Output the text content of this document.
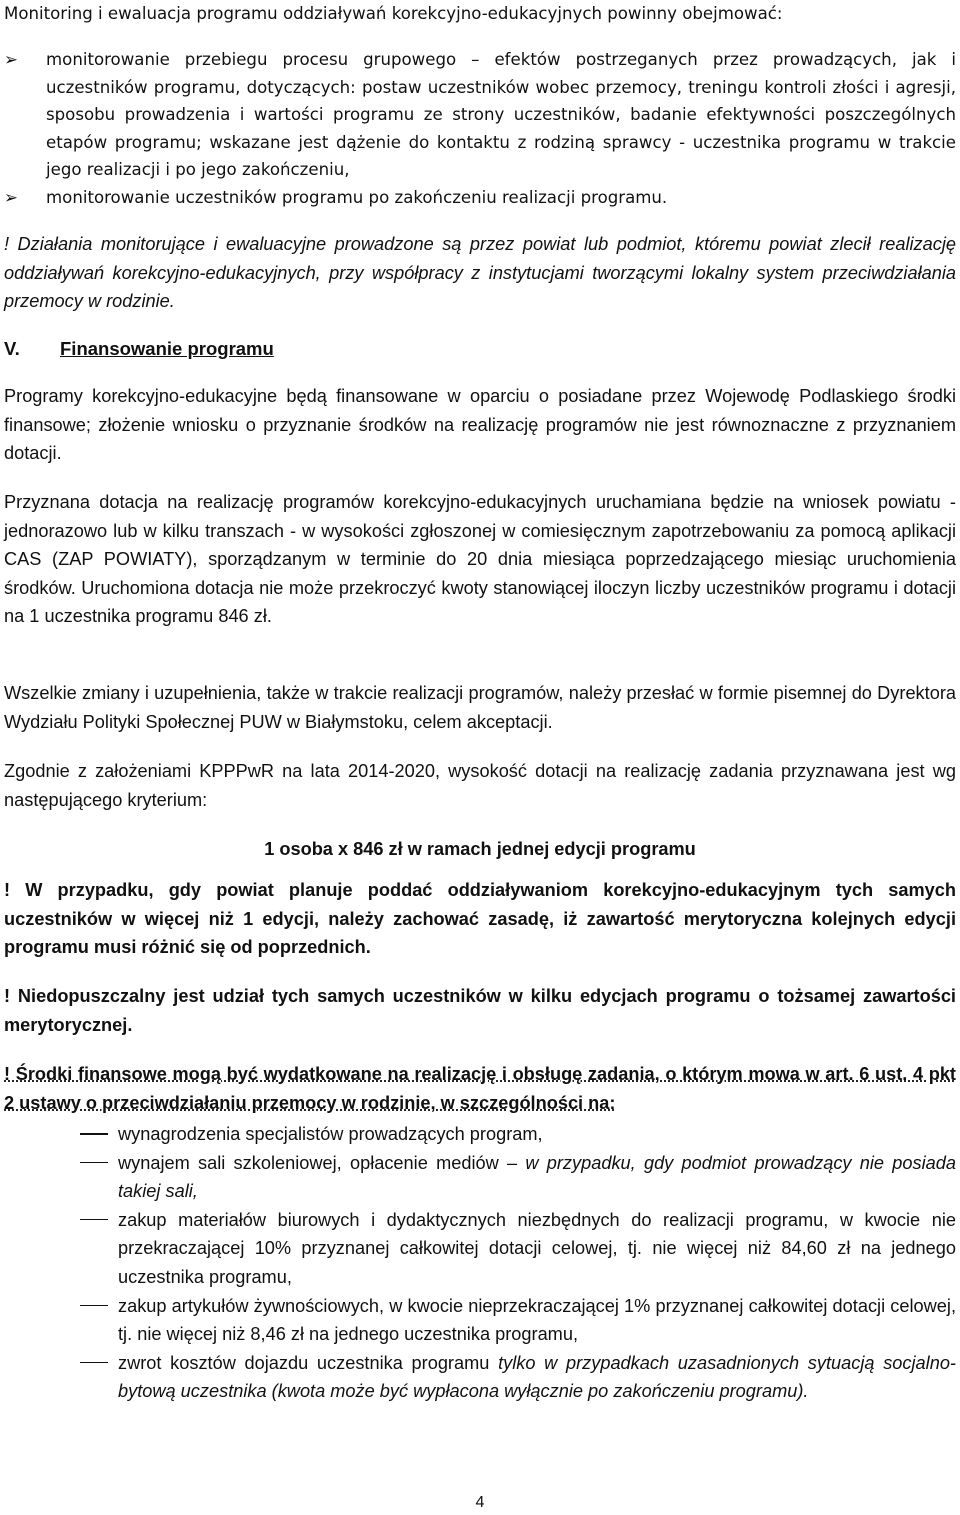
Monitoring i ewaluacja programu oddziaływań korekcyjno-edukacyjnych powinny obejmować:

➢ monitorowanie przebiegu procesu grupowego – efektów postrzeganych przez prowadzących, jak i uczestników programu, dotyczących: postaw uczestników wobec przemocy, treningu kontroli złości i agresji, sposobu prowadzenia i wartości programu ze strony uczestników, badanie efektywności poszczególnych etapów programu; wskazane jest dążenie do kontaktu z rodziną sprawcy - uczestnika programu w trakcie jego realizacji i po jego zakończeniu,
➢ monitorowanie uczestników programu po zakończeniu realizacji programu.

! Działania monitorujące i ewaluacyjne prowadzone są przez powiat lub podmiot, któremu powiat zlecił realizację oddziaływań korekcyjno-edukacyjnych, przy współpracy z instytucjami tworzącymi lokalny system przeciwdziałania przemocy w rodzinie.

V. Finansowanie programu

Programy korekcyjno-edukacyjne będą finansowane w oparciu o posiadane przez Wojewodę Podlaskiego środki finansowe; złożenie wniosku o przyznanie środków na realizację programów nie jest równoznaczne z przyznaniem dotacji.

Przyznana dotacja na realizację programów korekcyjno-edukacyjnych uruchamiana będzie na wniosek powiatu - jednorazowo lub w kilku transzach - w wysokości zgłoszonej w comiesięcznym zapotrzebowaniu za pomocą aplikacji CAS (ZAP POWIATY), sporządzanym w terminie do 20 dnia miesiąca poprzedzającego miesiąc uruchomienia środków. Uruchomiona dotacja nie może przekroczyć kwoty stanowiącej iloczyn liczby uczestników programu i dotacji na 1 uczestnika programu 846 zł.

Wszelkie zmiany i uzupełnienia, także w trakcie realizacji programów, należy przesłać w formie pisemnej do Dyrektora Wydziału Polityki Społecznej PUW w Białymstoku, celem akceptacji.

Zgodnie z założeniami KPPPwR na lata 2014-2020, wysokość dotacji na realizację zadania przyznawana jest wg następującego kryterium:

1 osoba x 846 zł w ramach jednej edycji programu

! W przypadku, gdy powiat planuje poddać oddziaływaniom korekcyjno-edukacyjnym tych samych uczestników w więcej niż 1 edycji, należy zachować zasadę, iż zawartość merytoryczna kolejnych edycji programu musi różnić się od poprzednich.

! Niedopuszczalny jest udział tych samych uczestników w kilku edycjach programu o tożsamej zawartości merytorycznej.

! Środki finansowe mogą być wydatkowane na realizację i obsługę zadania, o którym mowa w art. 6 ust. 4 pkt 2 ustawy o przeciwdziałaniu przemocy w rodzinie, w szczególności na:

wynagrodzenia specjalistów prowadzących program,
wynajem sali szkoleniowej, opłacenie mediów – w przypadku, gdy podmiot prowadzący nie posiada takiej sali,
zakup materiałów biurowych i dydaktycznych niezbędnych do realizacji programu, w kwocie nie przekraczającej 10% przyznanej całkowitej dotacji celowej, tj. nie więcej niż 84,60 zł na jednego uczestnika programu,
zakup artykułów żywnościowych, w kwocie nieprzekraczającej 1% przyznanej całkowitej dotacji celowej, tj. nie więcej niż 8,46 zł na jednego uczestnika programu,
zwrot kosztów dojazdu uczestnika programu tylko w przypadkach uzasadnionych sytuacją socjalno-bytową uczestnika (kwota może być wypłacona wyłącznie po zakończeniu programu).
4
